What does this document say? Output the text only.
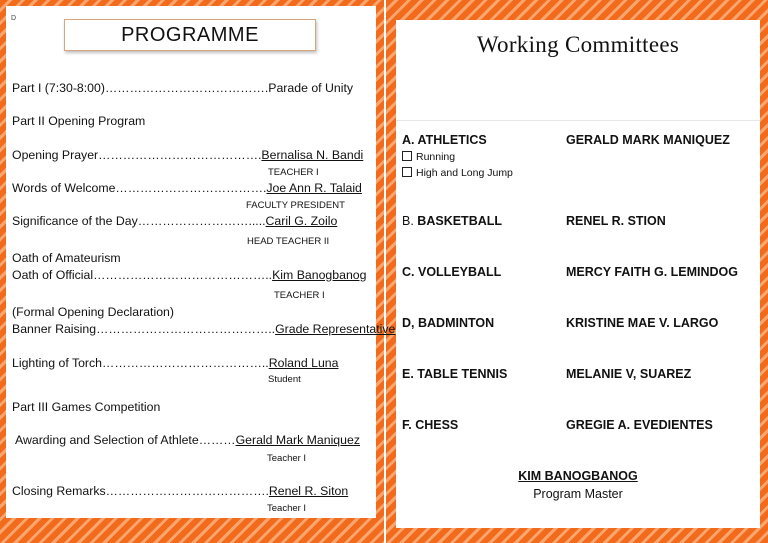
D
PROGRAMME
Part I (7:30-8:00)………………………………….Parade of Unity
Part II Opening Program
Opening Prayer………………………………….Bernalisa N. Bandi
TEACHER I
Words of Welcome……………………………….Joe Ann R. Talaid
FACULTY PRESIDENT
Significance of the Day……………………….....Caril G. Zoilo
HEAD TEACHER II
Oath of Amateurism
Oath of Official……………………………………..Kim Banogbanog
TEACHER I
(Formal Opening Declaration)
Banner Raising……………………………………..Grade Representative
Lighting of Torch…………………………………..Roland Luna
Student
Part III Games Competition
Awarding and Selection of Athlete………Gerald Mark Maniquez
Teacher I
Closing Remarks………………………………….Renel R. Siton
Teacher I
Working Committees
A. ATHLETICS	GERALD MARK MANIQUEZ
Running
High and Long Jump
B. BASKETBALL	RENEL R. STION
C. VOLLEYBALL	MERCY FAITH G. LEMINDOG
D, BADMINTON	KRISTINE MAE V. LARGO
E. TABLE TENNIS	MELANIE V, SUAREZ
F. CHESS	GREGIE A. EVEDIENTES
KIM BANOGBANOG
Program Master
